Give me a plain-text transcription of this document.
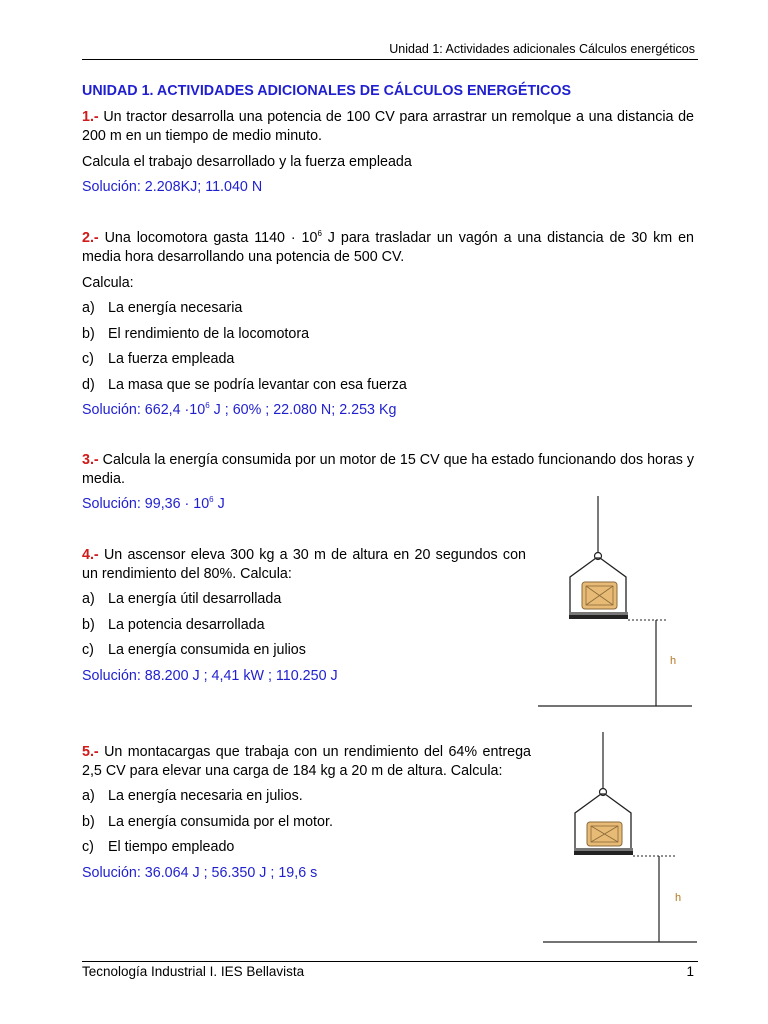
Unidad 1: Actividades adicionales Cálculos energéticos
UNIDAD 1. ACTIVIDADES ADICIONALES DE CÁLCULOS ENERGÉTICOS

1.- Un tractor desarrolla una potencia de 100 CV para arrastrar un remolque a una distancia de 200 m en un tiempo de medio minuto.

Calcula el trabajo desarrollado y la fuerza empleada

Solución: 2.208KJ; 11.040 N

2.- Una locomotora gasta $1140 \cdot 10^6$ J para trasladar un vagón a una distancia de 30 km en media hora desarrollando una potencia de 500 CV.

Calcula:

a) La energía necesaria
b) El rendimiento de la locomotora
c) La fuerza empleada
d) La masa que se podría levantar con esa fuerza

Solución: $662,4 \cdot 10^6$ J ; 60% ; 22.080 N; 2.253 Kg

3.- Calcula la energía consumida por un motor de 15 CV que ha estado funcionando dos horas y media.

Solución: $99,36 \cdot 10^6$ J

4.- Un ascensor eleva 300 kg a 30 m de altura en 20 segundos con un rendimiento del 80%. Calcula:

a) La energía útil desarrollada
b) La potencia desarrollada
c) La energía consumida en julios

Solución: 88.200 J ; 4,41 kW ; 110.250 J

h

5.- Un montacargas que trabaja con un rendimiento del 64% entrega 2,5 CV para elevar una carga de 184 kg a 20 m de altura. Calcula:

a) La energía necesaria en julios.
b) La energía consumida por el motor.
c) El tiempo empleado

Solución: 36.064 J ; 56.350 J ; 19,6 s

h
Tecnología Industrial I. IES Bellavista	1
